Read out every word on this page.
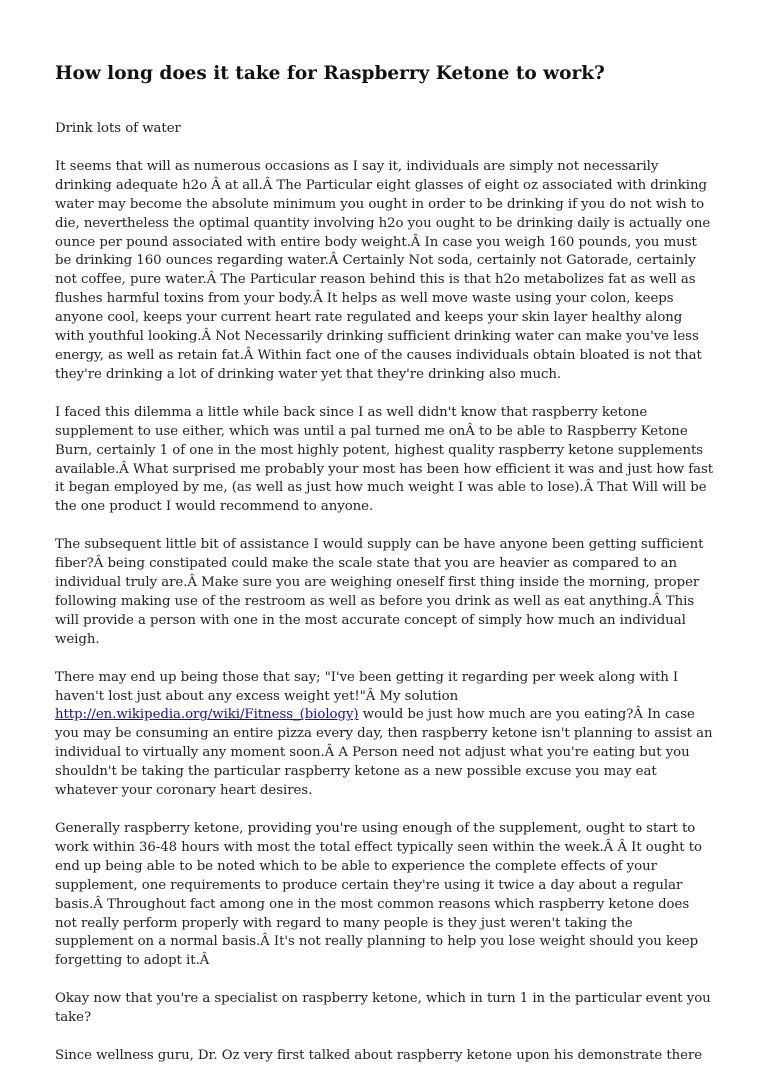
How long does it take for Raspberry Ketone to work?

Drink lots of water

It seems that will as numerous occasions as I say it, individuals are simply not necessarily drinking adequate h2o Â at all.Â The Particular eight glasses of eight oz associated with drinking water may become the absolute minimum you ought in order to be drinking if you do not wish to die, nevertheless the optimal quantity involving h2o you ought to be drinking daily is actually one ounce per pound associated with entire body weight.Â In case you weigh 160 pounds, you must be drinking 160 ounces regarding water.Â Certainly Not soda, certainly not Gatorade, certainly not coffee, pure water.Â The Particular reason behind this is that h2o metabolizes fat as well as flushes harmful toxins from your body.Â It helps as well move waste using your colon, keeps anyone cool, keeps your current heart rate regulated and keeps your skin layer healthy along with youthful looking.Â Not Necessarily drinking sufficient drinking water can make you've less energy, as well as retain fat.Â Within fact one of the causes individuals obtain bloated is not that they're drinking a lot of drinking water yet that they're drinking also much.

I faced this dilemma a little while back since I as well didn't know that raspberry ketone supplement to use either, which was until a pal turned me onÂ to be able to Raspberry Ketone Burn, certainly 1 of one in the most highly potent, highest quality raspberry ketone supplements available.Â What surprised me probably your most has been how efficient it was and just how fast it began employed by me, (as well as just how much weight I was able to lose).Â That Will will be the one product I would recommend to anyone.

The subsequent little bit of assistance I would supply can be have anyone been getting sufficient fiber?Â being constipated could make the scale state that you are heavier as compared to an individual truly are.Â Make sure you are weighing oneself first thing inside the morning, proper following making use of the restroom as well as before you drink as well as eat anything.Â This will provide a person with one in the most accurate concept of simply how much an individual weigh.

There may end up being those that say; "I've been getting it regarding per week along with I haven't lost just about any excess weight yet!"Â My solution http://en.wikipedia.org/wiki/Fitness_(biology) would be just how much are you eating?Â In case you may be consuming an entire pizza every day, then raspberry ketone isn't planning to assist an individual to virtually any moment soon.Â A Person need not adjust what you're eating but you shouldn't be taking the particular raspberry ketone as a new possible excuse you may eat whatever your coronary heart desires.

Generally raspberry ketone, providing you're using enough of the supplement, ought to start to work within 36-48 hours with most the total effect typically seen within the week.Â Â It ought to end up being able to be noted which to be able to experience the complete effects of your supplement, one requirements to produce certain they're using it twice a day about a regular basis.Â Throughout fact among one in the most common reasons which raspberry ketone does not really perform properly with regard to many people is they just weren't taking the supplement on a normal basis.Â It's not really planning to help you lose weight should you keep forgetting to adopt it.Â

Okay now that you're a specialist on raspberry ketone, which in turn 1 in the particular event you take?

Since wellness guru, Dr. Oz very first talked about raspberry ketone upon his demonstrate there
